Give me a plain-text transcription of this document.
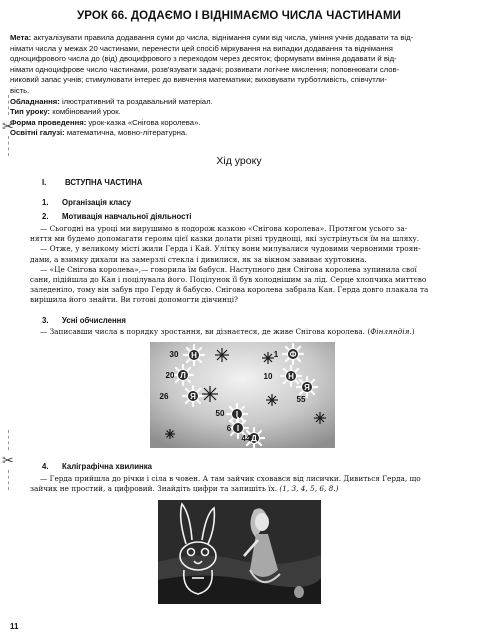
УРОК 66. ДОДАЄМО І ВІДНІМАЄМО ЧИСЛА ЧАСТИНАМИ

Мета: актуалізувати правила додавання суми до числа, віднімання суми від числа, уміння учнів додавати та від-

німати числа у межах 20 частинами, перенести цей спосіб міркування на випадки додавання та віднімання

одноцифрового числа до (від) двоцифрового з переходом через десяток; формувати вміння додавати й від-

німати одноцифрове число частинами, розв'язувати задачі; розвивати логічне мислення; поповнювати слов-

никовий запас учнів; стимулювати інтерес до вивчення математики; виховувати турботливість, співчутли-

вість.

Обладнання: ілюстративний та роздавальний матеріал.

Тип уроку: комбінований урок.

Форма проведення: урок-казка «Снігова королева».

Освітні галузі: математична, мовно-літературна.

✂
Хід уроку
І. ВСТУПНА ЧАСТИНА
1. Організація класу
2. Мотивація навчальної діяльності

— Сьогодні на уроці ми вирушимо в подорож казкою «Снігова королева». Протягом усього за-

няття ми будемо допомагати героям цієї казки долати різні труднощі, які зустрінуться їм на шляху.

— Отже, у великому місті жили Герда і Кай. Улітку вони милувалися чудовими червоними троян-

дами, а взимку дихали на замерзлі стекла і дивилися, як за вікном завиває хуртовина.

— «Це Снігова королева»,— говорила їм бабуся. Наступного дня Снігова королева зупинила свої

сани, підійшла до Кая і поцілувала його. Поцілунок її був холоднішим за лід. Серце хлопчика миттєво

заледеніло, тому він забув про Герду й бабусю. Снігова королева забрала Кая. Герда довго плакала та

вирішила його знайти. Ви готові допомогти дівчинці?

3. Усні обчислення

— Записавши числа в порядку зростання, ви дізнаєтеся, де живе Снігова королева. (Фінляндія.)

Н
30	Ф
1
Л
20	Н
10
Я
26
Я
55
І
50
І
6
Д
44
✂	4. Каліграфічна хвилинка

— Герда прийшла до річки і сіла в човен. А там зайчик сховався від лисички. Дивиться Герда, що

зайчик не простий, а цифровий. Знайдіть цифри та запишіть їх. (1, 3, 4, 5, 6, 8.)

11
